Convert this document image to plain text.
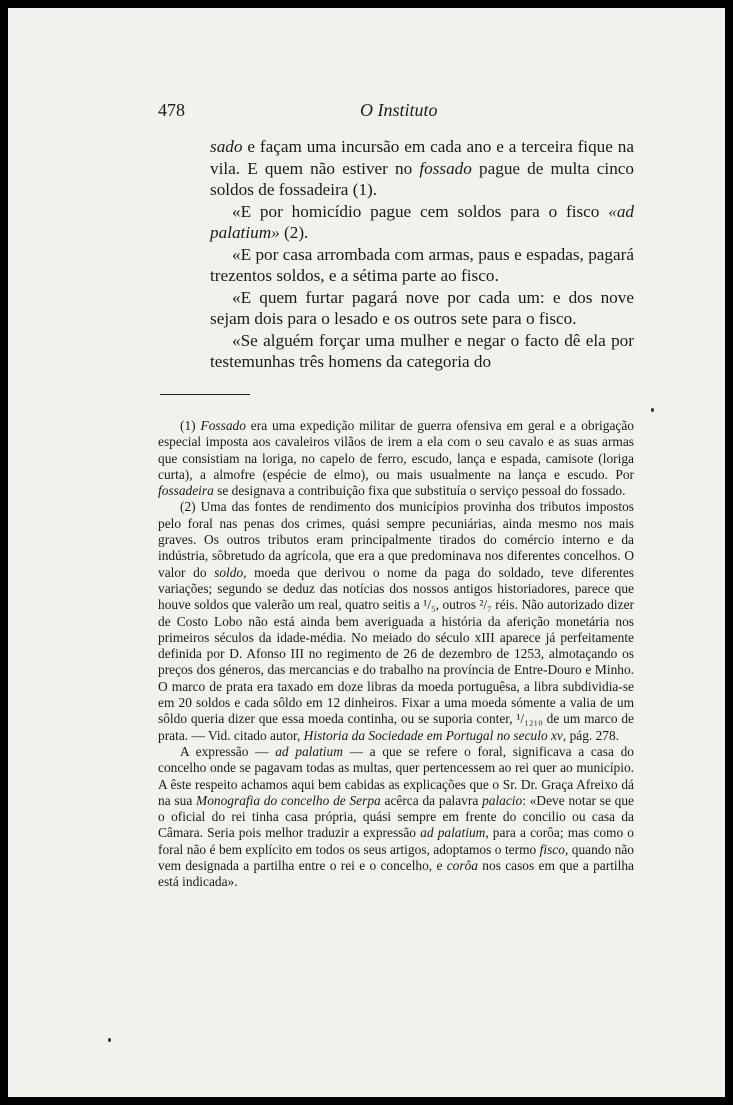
478	O Instituto

sado e façam uma incursão em cada ano e a terceira fique na vila. E quem não estiver no fossado pague de multa cinco soldos de fossadeira (1).

«E por homicídio pague cem soldos para o fisco «ad palatium» (2).

«E por casa arrombada com armas, paus e espadas, pagará trezentos soldos, e a sétima parte ao fisco.

«E quem furtar pagará nove por cada um: e dos nove sejam dois para o lesado e os outros sete para o fisco.

«Se alguém forçar uma mulher e negar o facto dê ela por testemunhas três homens da categoria do

(1) Fossado era uma expedição militar de guerra ofensiva em geral e a obrigação especial imposta aos cavaleiros vilãos de irem a ela com o seu cavalo e as suas armas que consistiam na loriga, no capelo de ferro, escudo, lança e espada, camisote (loriga curta), a almofre (espécie de elmo), ou mais usualmente na lança e escudo. Por fossadeira se designava a contribuição fixa que substituía o serviço pessoal do fossado.

(2) Uma das fontes de rendimento dos municípios provinha dos tributos impostos pelo foral nas penas dos crimes, quási sempre pecuniárias, ainda mesmo nos mais graves. Os outros tributos eram principalmente tirados do comércio interno e da indústria, sôbretudo da agrícola, que era a que predominava nos diferentes concelhos. O valor do soldo, moeda que derivou o nome da paga do soldado, teve diferentes variações; segundo se deduz das notícias dos nossos antigos historiadores, parece que houve soldos que valerão um real, quatro seitis a ¹/₅, outros ²/₇ réis. Não autorizado dizer de Costo Lobo não está ainda bem averiguada a história da aferição monetária nos primeiros séculos da idade-média. No meiado do século xIII aparece já perfeitamente definida por D. Afonso III no regimento de 26 de dezembro de 1253, almotaçando os preços dos géneros, das mercancias e do trabalho na província de Entre-Douro e Minho. O marco de prata era taxado em doze libras da moeda portuguêsa, a libra subdividia-se em 20 soldos e cada sôldo em 12 dinheiros. Fixar a uma moeda sómente a valia de um sôldo queria dizer que essa moeda continha, ou se suporia conter, ¹/₁₂₁₀ de um marco de prata. — Vid. citado autor, Historia da Sociedade em Portugal no seculo xv, pág. 278.

A expressão — ad palatium — a que se refere o foral, significava a casa do concelho onde se pagavam todas as multas, quer pertencessem ao rei quer ao município. A êste respeito achamos aqui bem cabidas as explicações que o Sr. Dr. Graça Afreixo dá na sua Monografia do concelho de Serpa acêrca da palavra palacio: «Deve notar se que o oficial do rei tinha casa própria, quási sempre em frente do concilio ou casa da Câmara. Seria pois melhor traduzir a expressão ad palatium, para a corôa; mas como o foral não é bem explícito em todos os seus artigos, adoptamos o termo fisco, quando não vem designada a partilha entre o rei e o concelho, e corôa nos casos em que a partilha está indicada».
